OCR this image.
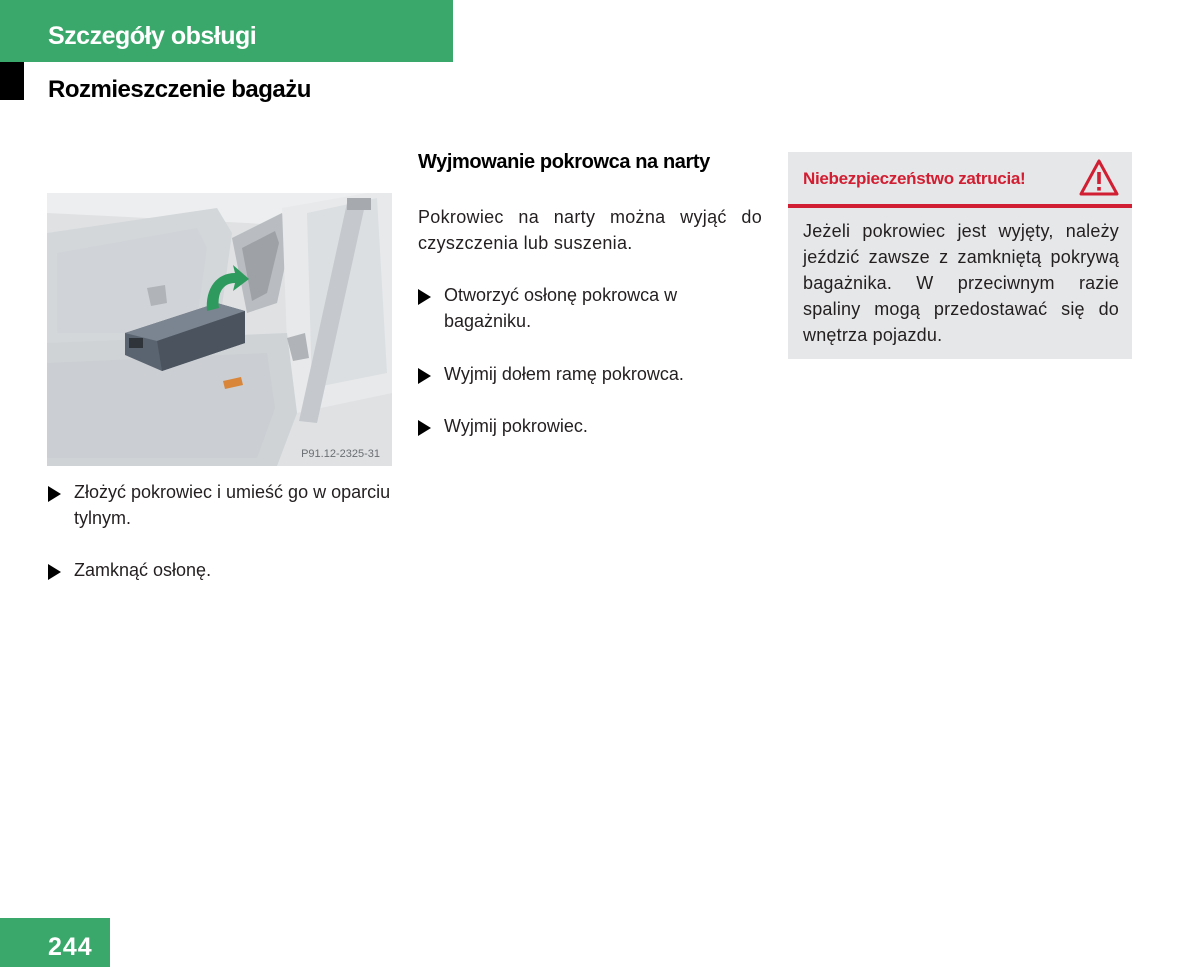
Szczegóły obsługi
Rozmieszczenie bagażu
P91.12-2325-31
Złożyć pokrowiec i umieść go w oparciu tylnym.
Zamknąć osłonę.
Wyjmowanie pokrowca na narty
Pokrowiec na narty można wyjąć do czyszczenia lub suszenia.
Otworzyć osłonę pokrowca w bagażniku.
Wyjmij dołem ramę pokrowca.
Wyjmij pokrowiec.
Niebezpieczeństwo zatrucia!
Jeżeli pokrowiec jest wyjęty, należy jeździć zawsze z zamkniętą pokrywą bagażnika. W przeciwnym razie spaliny mogą przedostawać się do wnętrza pojazdu.
244
